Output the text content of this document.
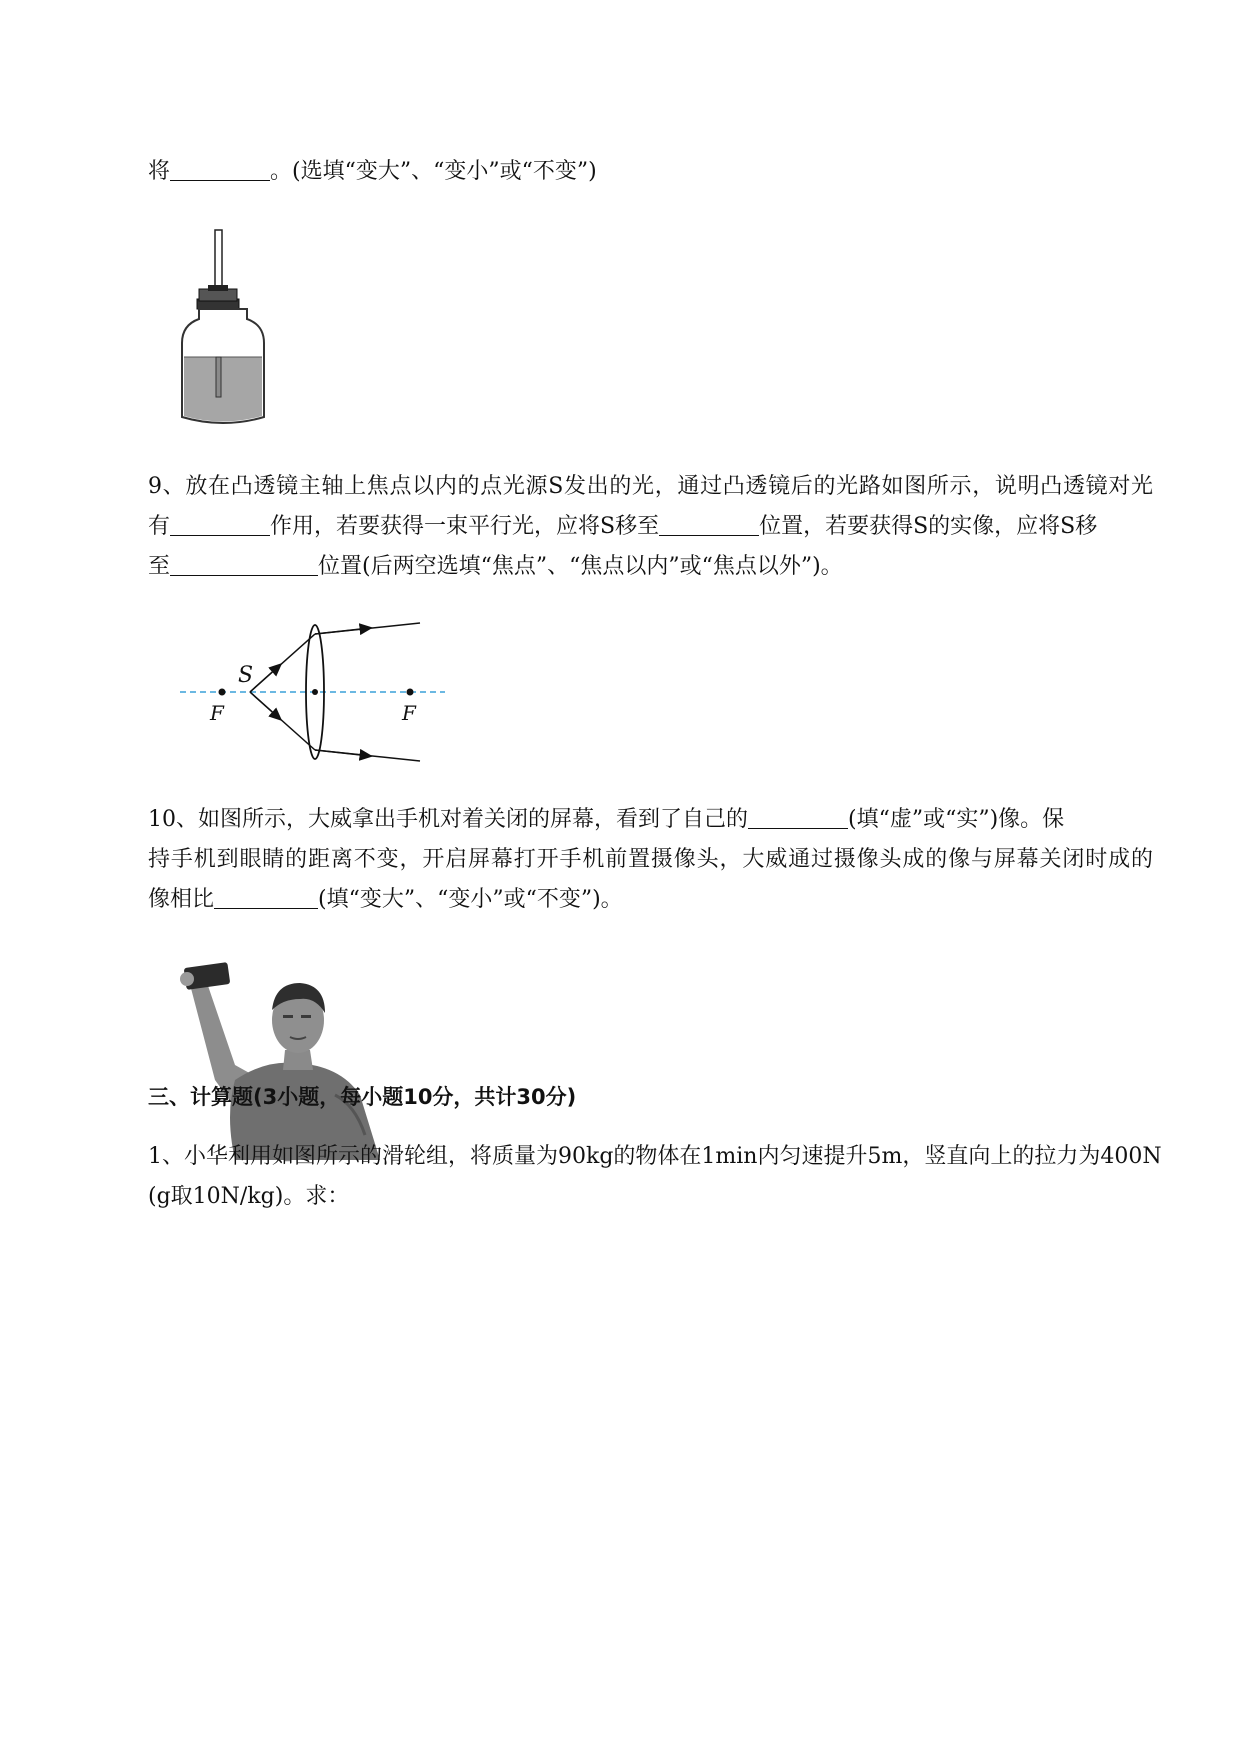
将	。(选填“变大”、“变小”或“不变”)
9、放在凸透镜主轴上焦点以内的点光源S发出的光，通过凸透镜后的光路如图所示，说明凸透镜对光
有	作用，若要获得一束平行光，应将S移至	位置，若要获得S的实像，应将S移
至	位置(后两空选填“焦点”、“焦点以内”或“焦点以外”)。
S
F	F
10、如图所示，大威拿出手机对着关闭的屏幕，看到了自己的	(填“虚”或“实”)像。保
持手机到眼睛的距离不变，开启屏幕打开手机前置摄像头，大威通过摄像头成的像与屏幕关闭时成的
像相比	(填“变大”、“变小”或“不变”)。
三、计算题(3小题，每小题10分，共计30分)
1、小华利用如图所示的滑轮组，将质量为90kg的物体在1min内匀速提升5m，竖直向上的拉力为400N
(g取10N/kg)。求：
